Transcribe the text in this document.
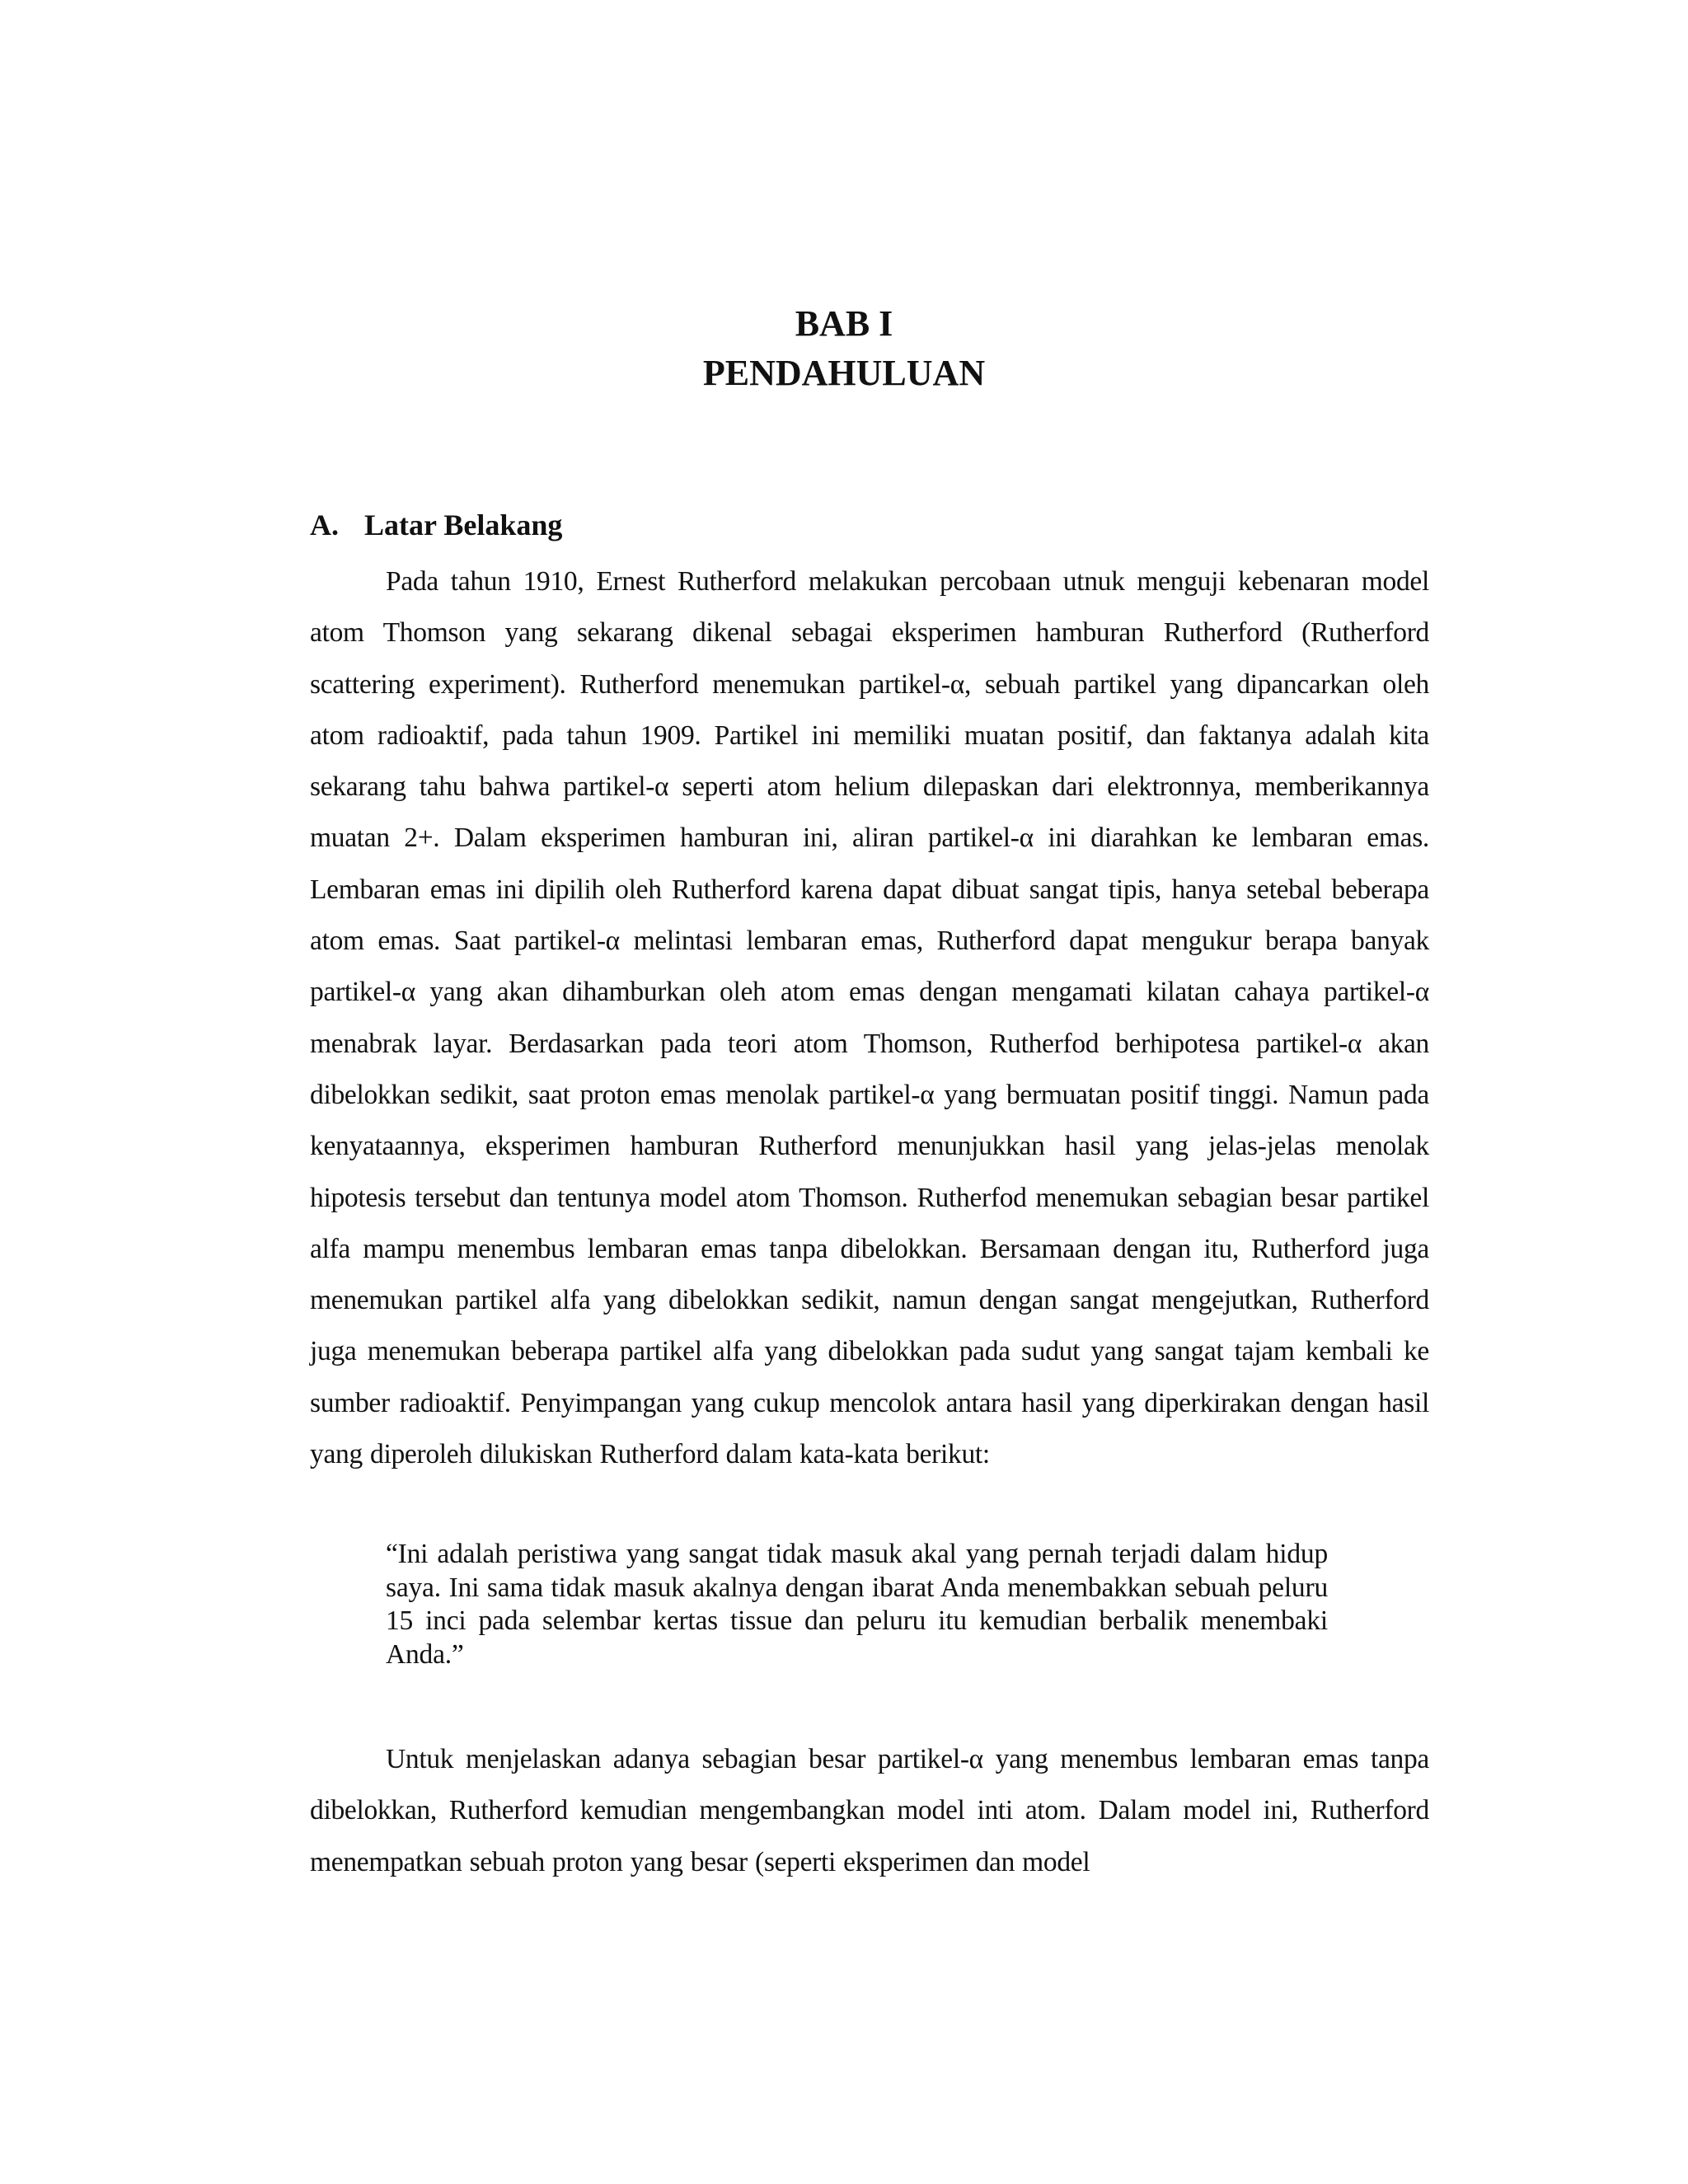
BAB I
PENDAHULUAN
A. Latar Belakang

Pada tahun 1910, Ernest Rutherford melakukan percobaan utnuk menguji kebenaran model atom Thomson yang sekarang dikenal sebagai eksperimen hamburan Rutherford (Rutherford scattering experiment). Rutherford menemukan partikel-α, sebuah partikel yang dipancarkan oleh atom radioaktif, pada tahun 1909. Partikel ini memiliki muatan positif, dan faktanya adalah kita sekarang tahu bahwa partikel-α seperti atom helium dilepaskan dari elektronnya, memberikannya muatan 2+. Dalam eksperimen hamburan ini, aliran partikel-α ini diarahkan ke lembaran emas. Lembaran emas ini dipilih oleh Rutherford karena dapat dibuat sangat tipis, hanya setebal beberapa atom emas. Saat partikel-α melintasi lembaran emas, Rutherford dapat mengukur berapa banyak partikel-α yang akan dihamburkan oleh atom emas dengan mengamati kilatan cahaya partikel-α menabrak layar. Berdasarkan pada teori atom Thomson, Rutherfod berhipotesa partikel-α akan dibelokkan sedikit, saat proton emas menolak partikel-α yang bermuatan positif tinggi. Namun pada kenyataannya, eksperimen hamburan Rutherford menunjukkan hasil yang jelas-jelas menolak hipotesis tersebut dan tentunya model atom Thomson. Rutherfod menemukan sebagian besar partikel alfa mampu menembus lembaran emas tanpa dibelokkan. Bersamaan dengan itu, Rutherford juga menemukan partikel alfa yang dibelokkan sedikit, namun dengan sangat mengejutkan, Rutherford juga menemukan beberapa partikel alfa yang dibelokkan pada sudut yang sangat tajam kembali ke sumber radioaktif. Penyimpangan yang cukup mencolok antara hasil yang diperkirakan dengan hasil yang diperoleh dilukiskan Rutherford dalam kata-kata berikut:

“Ini adalah peristiwa yang sangat tidak masuk akal yang pernah terjadi dalam hidup saya. Ini sama tidak masuk akalnya dengan ibarat Anda menembakkan sebuah peluru 15 inci pada selembar kertas tissue dan peluru itu kemudian berbalik menembaki Anda.”

Untuk menjelaskan adanya sebagian besar partikel-α yang menembus lembaran emas tanpa dibelokkan, Rutherford kemudian mengembangkan model inti atom. Dalam model ini, Rutherford menempatkan sebuah proton yang besar (seperti eksperimen dan model
